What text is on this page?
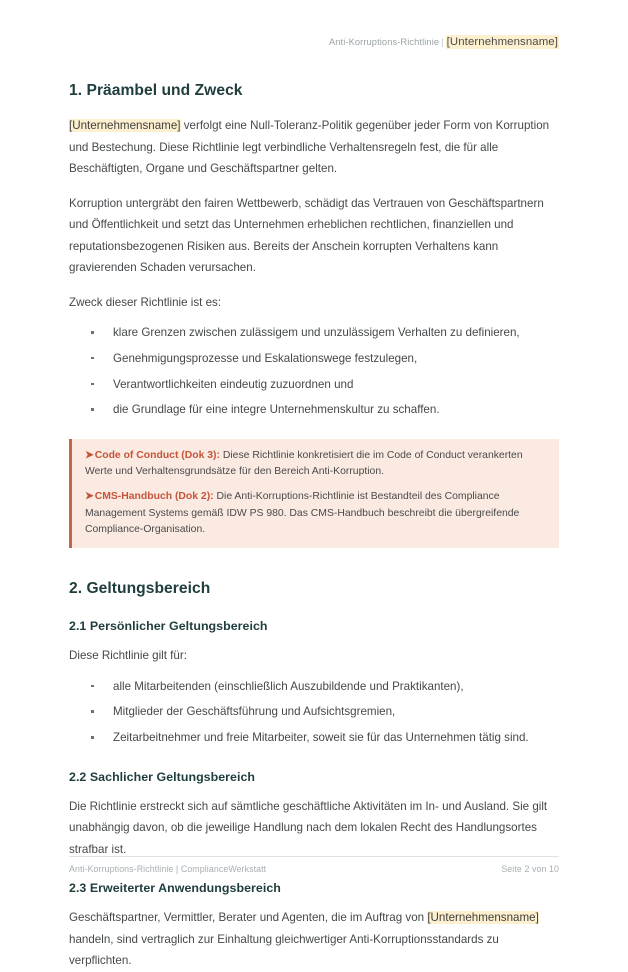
Anti-Korruptions-Richtlinie | [Unternehmensname]
1. Präambel und Zweck

[Unternehmensname] verfolgt eine Null-Toleranz-Politik gegenüber jeder Form von Korruption und Bestechung. Diese Richtlinie legt verbindliche Verhaltensregeln fest, die für alle Beschäftigten, Organe und Geschäftspartner gelten.

Korruption untergräbt den fairen Wettbewerb, schädigt das Vertrauen von Geschäftspartnern und Öffentlichkeit und setzt das Unternehmen erheblichen rechtlichen, finanziellen und reputationsbezogenen Risiken aus. Bereits der Anschein korrupten Verhaltens kann gravierenden Schaden verursachen.

Zweck dieser Richtlinie ist es:

klare Grenzen zwischen zulässigem und unzulässigem Verhalten zu definieren,
Genehmigungsprozesse und Eskalationswege festzulegen,
Verantwortlichkeiten eindeutig zuzuordnen und
die Grundlage für eine integre Unternehmenskultur zu schaffen.

➤Code of Conduct (Dok 3): Diese Richtlinie konkretisiert die im Code of Conduct verankerten Werte und Verhaltensgrundsätze für den Bereich Anti-Korruption.

➤CMS-Handbuch (Dok 2): Die Anti-Korruptions-Richtlinie ist Bestandteil des Compliance Management Systems gemäß IDW PS 980. Das CMS-Handbuch beschreibt die übergreifende Compliance-Organisation.

2. Geltungsbereich
2.1 Persönlicher Geltungsbereich

Diese Richtlinie gilt für:

alle Mitarbeitenden (einschließlich Auszubildende und Praktikanten),
Mitglieder der Geschäftsführung und Aufsichtsgremien,
Zeitarbeitnehmer und freie Mitarbeiter, soweit sie für das Unternehmen tätig sind.
2.2 Sachlicher Geltungsbereich

Die Richtlinie erstreckt sich auf sämtliche geschäftliche Aktivitäten im In- und Ausland. Sie gilt unabhängig davon, ob die jeweilige Handlung nach dem lokalen Recht des Handlungsortes strafbar ist.

2.3 Erweiterter Anwendungsbereich

Geschäftspartner, Vermittler, Berater und Agenten, die im Auftrag von [Unternehmensname] handeln, sind vertraglich zur Einhaltung gleichwertiger Anti-Korruptionsstandards zu verpflichten.

Anti-Korruptions-Richtlinie | ComplianceWerkstatt	Seite 2 von 10
